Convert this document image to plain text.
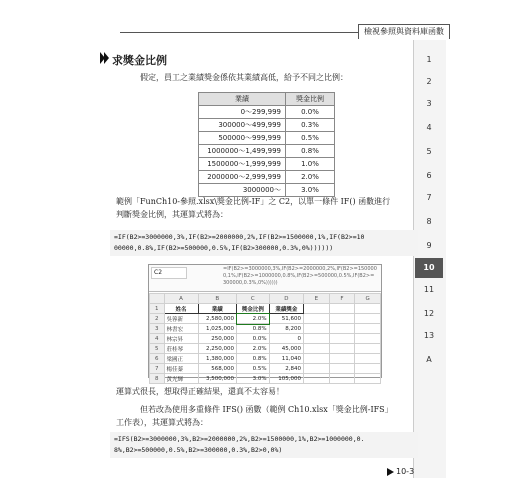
檢視參照與資料庫函數
1
2
3
4
5
6
7
8
9
10
11
12
13
A
求獎金比例
假定，員工之業績獎金係依其業績高低，給予不同之比例：
業績	獎金比例
0～299,999	0.0%
300000～499,999	0.3%
500000～999,999	0.5%
1000000～1,499,999	0.8%
1500000～1,999,999	1.0%
2000000～2,999,999	2.0%
3000000～	3.0%
範例「FunCh10-參照.xlsx\獎金比例-IF」之 C2，以單一條件 IF() 函數進行
判斷獎金比例，其運算式將為：
=IF(B2>=3000000,3%,IF(B2>=2000000,2%,IF(B2>=1500000,1%,IF(B2>=10
00000,0.8%,IF(B2>=500000,0.5%,IF(B2>300000,0.3%,0%))))))
C2	=IF(B2>=3000000,3%,IF(B2>=2000000,2%,IF(B2>=1500000,1%,IF(B2>=1000000,0.8%,IF(B2>=500000,0.5%,IF(B2>=300000,0.3%,0%))))))
	A	B	C	D	E	F	G
1	姓名	業績	獎金比例	業績獎金			
2	吳蓉新	2,580,000	2.0%	51,600			
3	林書宏	1,025,000	0.8%	8,200			
4	林宗昇	250,000	0.0%	0			
5	莊桂琴	2,250,000	2.0%	45,000			
6	梁國正	1,380,000	0.8%	11,040			
7	楊佳蓁	568,000	0.5%	2,840			
8	黃光輝	3,500,000	3.0%	105,000			
運算式很長，想取得正確結果，還真不太容易！
但若改為使用多重條件 IFS() 函數（範例 Ch10.xlsx「獎金比例-IFS」
工作表），其運算式將為：
=IFS(B2>=3000000,3%,B2>=2000000,2%,B2>=1500000,1%,B2>=1000000,0.
8%,B2>=500000,0.5%,B2>=300000,0.3%,B2>0,0%)
10-3
